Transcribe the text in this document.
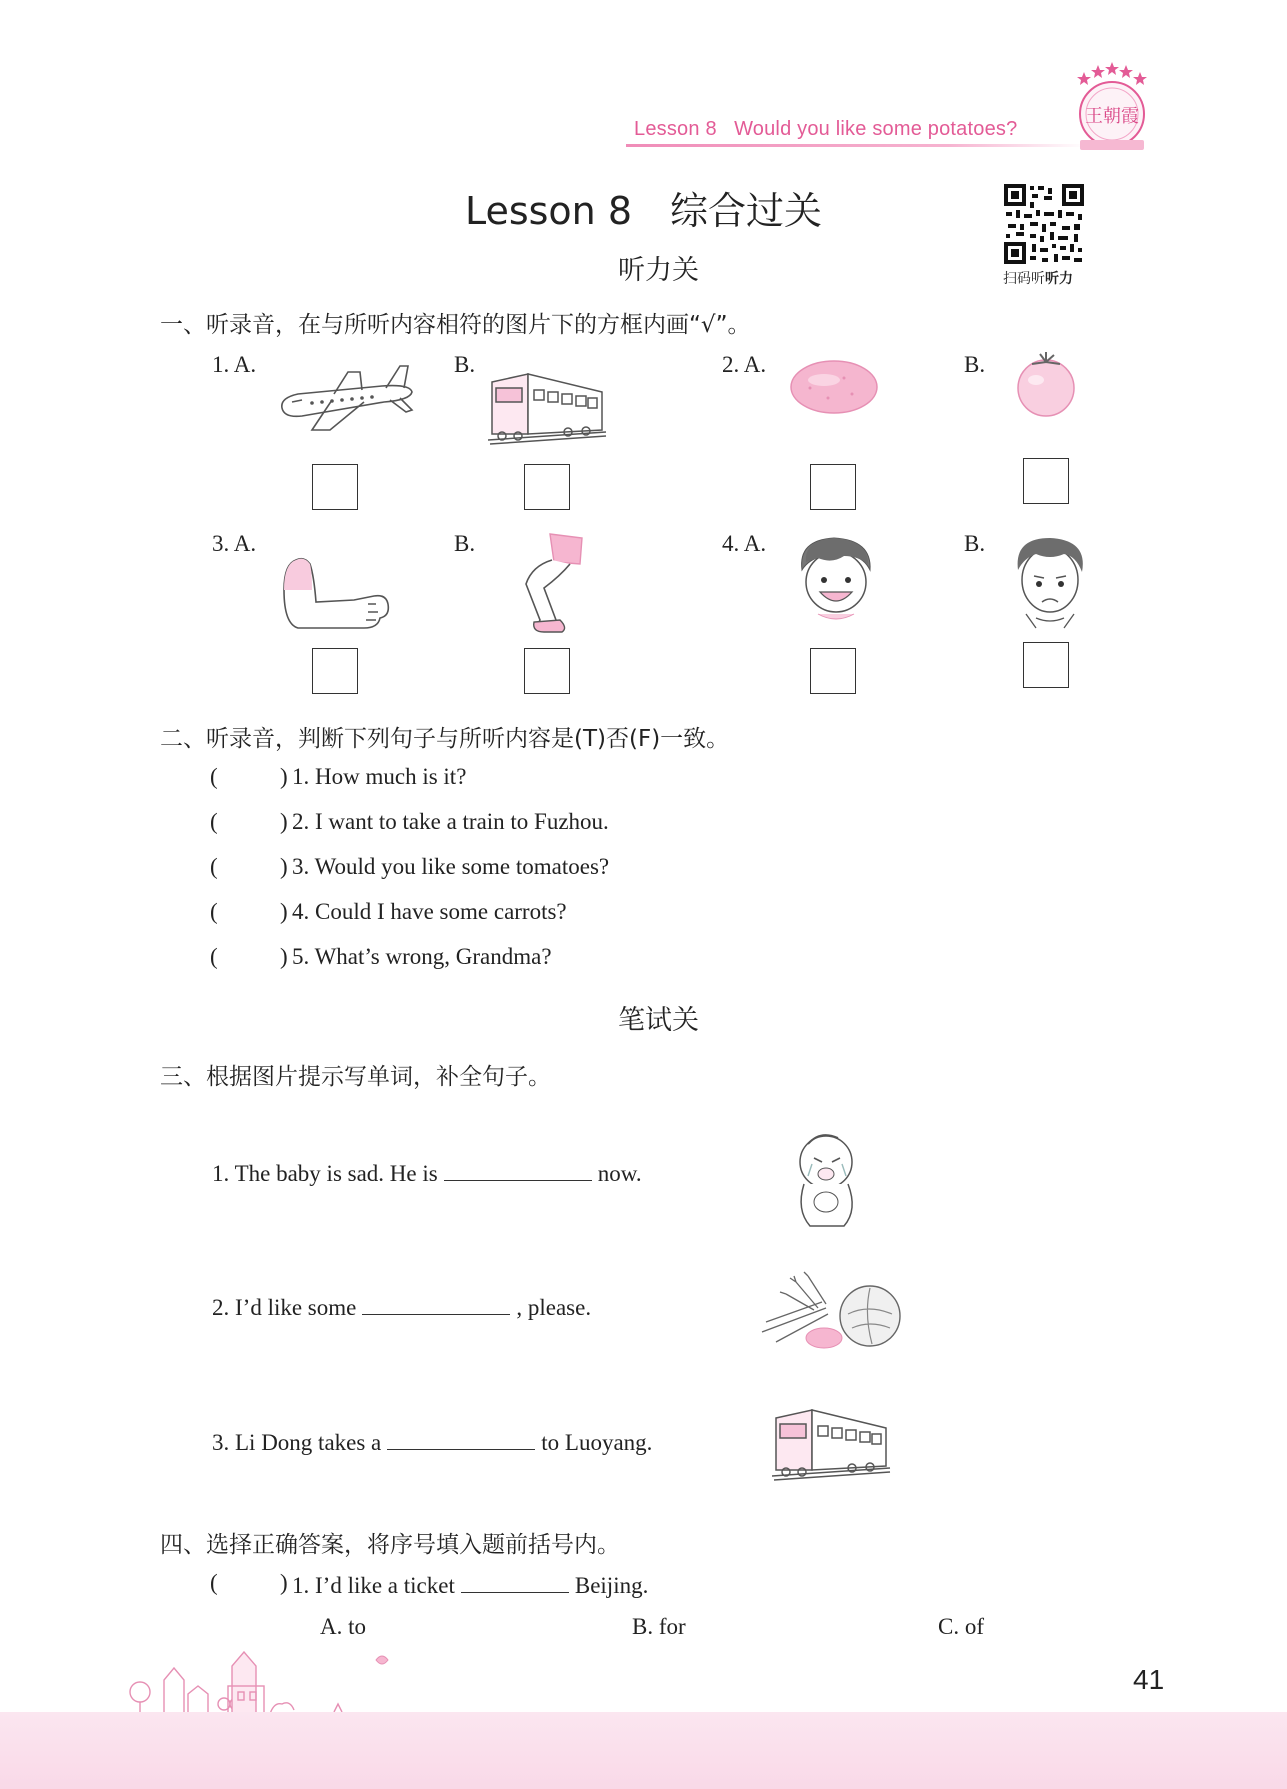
Lesson 8 Would you like some potatoes?
王朝霞
Lesson 8　综合过关
扫码听听力
听力关
一、听录音，在与所听内容相符的图片下的方框内画“√”。
1. A.	B.	2. A.	B.
3. A.	B.	4. A.	B.
二、听录音，判断下列句子与所听内容是(T)否(F)一致。
(	) 1. How much is it?
(	) 2. I want to take a train to Fuzhou.
(	) 3. Would you like some tomatoes?
(	) 4. Could I have some carrots?
(	) 5. What’s wrong, Grandma?
笔试关
三、根据图片提示写单词，补全句子。
1. The baby is sad. He is	now.
2. I’d like some	, please.
3. Li Dong takes a	to Luoyang.
四、选择正确答案，将序号填入题前括号内。
(	) 1. I’d like a ticket	Beijing.
A. to	B. for	C. of
41
